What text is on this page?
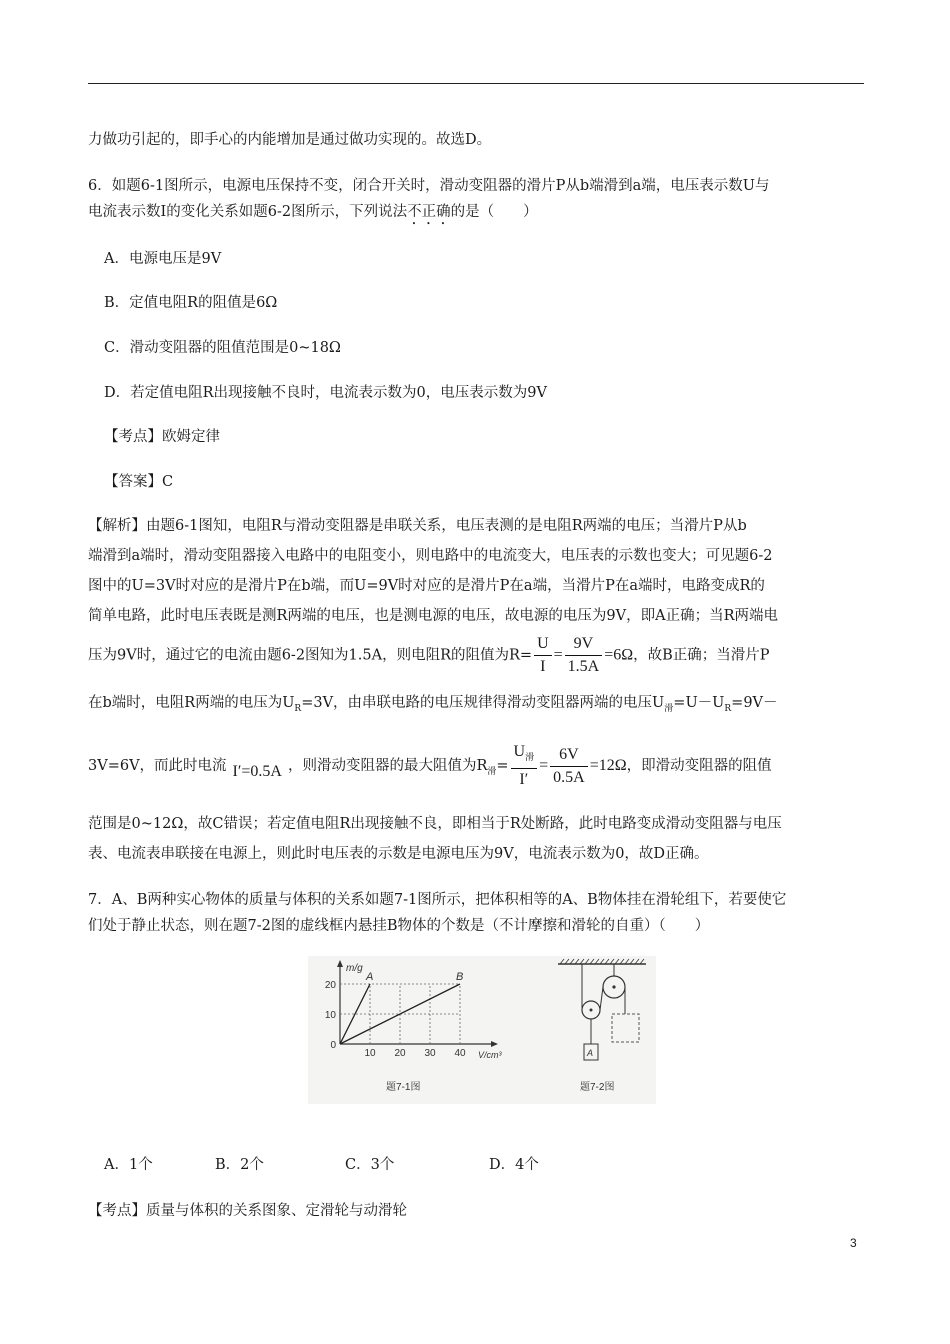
力做功引起的，即手心的内能增加是通过做功实现的。故选D。
6．如题6-1图所示，电源电压保持不变，闭合开关时，滑动变阻器的滑片P从b端滑到a端，电压表示数U与
电流表示数I的变化关系如题6-2图所示，下列说法不正确的是（　　）
A．电源电压是9V
B．定值电阻R的阻值是6Ω
C．滑动变阻器的阻值范围是0~18Ω
D．若定值电阻R出现接触不良时，电流表示数为0，电压表示数为9V
【考点】欧姆定律
【答案】C
【解析】由题6-1图知，电阻R与滑动变阻器是串联关系，电压表测的是电阻R两端的电压；当滑片P从b
端滑到a端时，滑动变阻器接入电路中的电阻变小，则电路中的电流变大，电压表的示数也变大；可见题6-2
图中的U=3V时对应的是滑片P在b端，而U=9V时对应的是滑片P在a端，当滑片P在a端时，电路变成R的
简单电路，此时电压表既是测R两端的电压，也是测电源的电压，故电源的电压为9V，即A正确；当R两端电
压为9V时，通过它的电流由题6-2图知为1.5A，则电阻R的阻值为$R= \frac{U}{I} = \frac{9V}{1.5A} =6\Omega$，故B正确；当滑片P
在b端时，电阻R两端的电压为$U_R=3V$，由串联电路的电压规律得滑动变阻器两端的电压$U_滑=U-U_R=9V-$
3V=6V，而此时电流 I′=0.5A ，则滑动变阻器的最大阻值为$R_滑= \frac{U_滑}{I'} = \frac{6V}{0.5A} =12\Omega$，即滑动变阻器的阻值
范围是0~12Ω，故C错误；若定值电阻R出现接触不良，即相当于R处断路，此时电路变成滑动变阻器与电压
表、电流表串联接在电源上，则此时电压表的示数是电源电压为9V，电流表示数为0，故D正确。
7．A、B两种实心物体的质量与体积的关系如题7-1图所示，把体积相等的A、B物体挂在滑轮组下，若要使它
们处于静止状态，则在题7-2图的虚线框内悬挂B物体的个数是（不计摩擦和滑轮的自重）（　　）
m/g
V/cm³
20
10
0
10 20 30 40
A	B
题7-1图
A
题7-2图
A．1个	B．2个	C．3个	D．4个
【考点】质量与体积的关系图象、定滑轮与动滑轮
3
